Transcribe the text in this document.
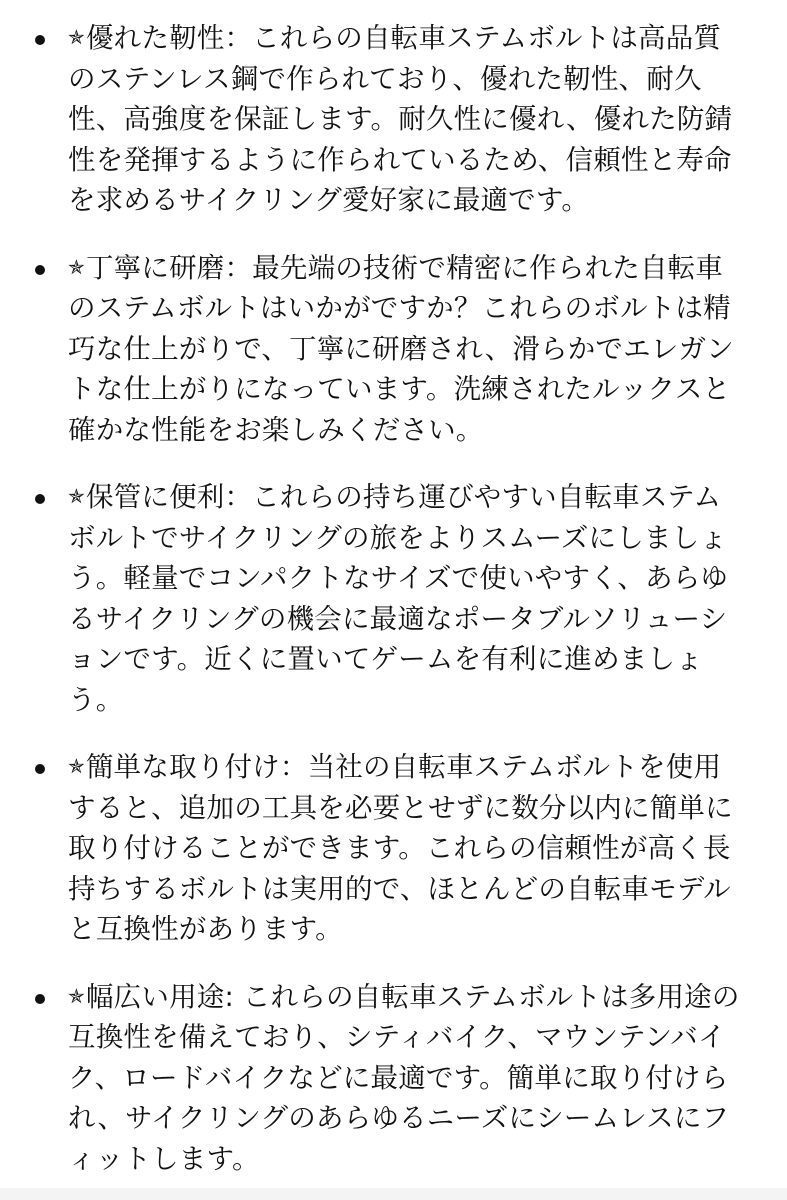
✯優れた靭性：これらの自転車ステムボルトは高品質のステンレス鋼で作られており、優れた靭性、耐久性、高強度を保証します。耐久性に優れ、優れた防錆性を発揮するように作られているため、信頼性と寿命を求めるサイクリング愛好家に最適です。
✯丁寧に研磨：最先端の技術で精密に作られた自転車のステムボルトはいかがですか？これらのボルトは精巧な仕上がりで、丁寧に研磨され、滑らかでエレガントな仕上がりになっています。洗練されたルックスと確かな性能をお楽しみください。
✯保管に便利：これらの持ち運びやすい自転車ステムボルトでサイクリングの旅をよりスムーズにしましょう。軽量でコンパクトなサイズで使いやすく、あらゆるサイクリングの機会に最適なポータブルソリューションです。近くに置いてゲームを有利に進めましょう。
✯簡単な取り付け：当社の自転車ステムボルトを使用すると、追加の工具を必要とせずに数分以内に簡単に取り付けることができます。これらの信頼性が高く長持ちするボルトは実用的で、ほとんどの自転車モデルと互換性があります。
✯幅広い用途: これらの自転車ステムボルトは多用途の互換性を備えており、シティバイク、マウンテンバイク、ロードバイクなどに最適です。簡単に取り付けられ、サイクリングのあらゆるニーズにシームレスにフィットします。
